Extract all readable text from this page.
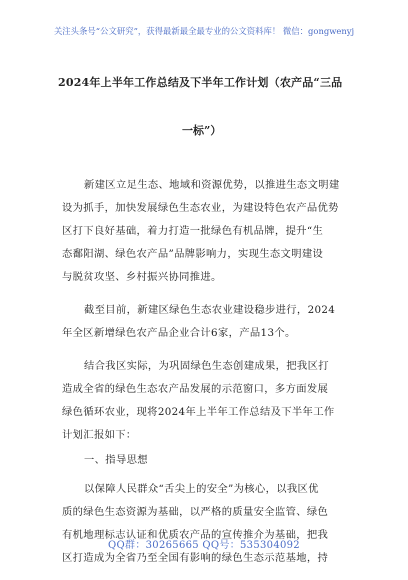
关注头条号“公文研究”，获得最新最全最专业的公文资料库！ 微信：gongwenyj
2024年上半年工作总结及下半年工作计划（农产品“三品
一标”）
新建区立足生态、地域和资源优势，以推进生态文明建
设为抓手，加快发展绿色生态农业，为建设特色农产品优势
区打下良好基础，着力打造一批绿色有机品牌，提升“生
态鄱阳湖、绿色农产品”品牌影响力，实现生态文明建设
与脱贫攻坚、乡村振兴协同推进。
截至目前，新建区绿色生态农业建设稳步进行，2024
年全区新增绿色农产品企业合计6家，产品13个。
结合我区实际，为巩固绿色生态创建成果，把我区打
造成全省的绿色生态农产品发展的示范窗口，多方面发展
绿色循环农业，现将2024年上半年工作总结及下半年工作
计划汇报如下：
一、指导思想
以保障人民群众“舌尖上的安全”为核心，以我区优
质的绿色生态资源为基础，以严格的质量安全监管、绿色
有机地理标志认证和优质农产品的宣传推介为基础，把我
区打造成为全省乃至全国有影响的绿色生态示范基地，持
QQ群：30265665 QQ号：535304092
